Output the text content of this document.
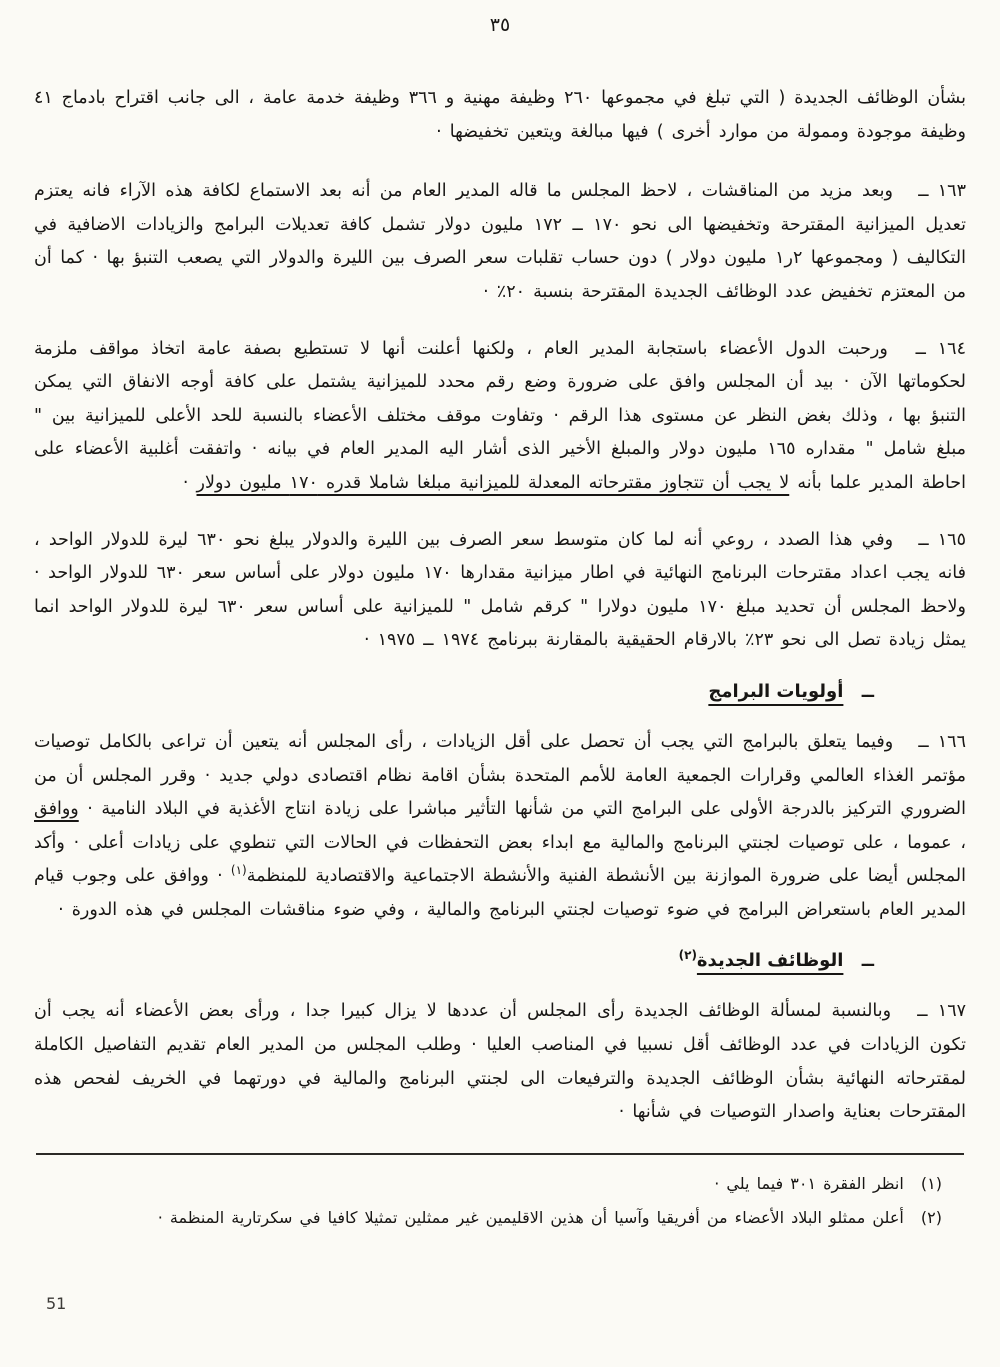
٣٥

بشأن الوظائف الجديدة ( التي تبلغ في مجموعها ٢٦٠ وظيفة مهنية و ٣٦٦ وظيفة خدمة عامة ، الى جانب اقتراح بادماج ٤١ وظيفة موجودة وممولة من موارد أخرى ) فيها مبالغة ويتعين تخفيضها ·

١٦٣ ــ وبعد مزيد من المناقشات ، لاحظ المجلس ما قاله المدير العام من أنه بعد الاستماع لكافة هذه الآراء فانه يعتزم تعديل الميزانية المقترحة وتخفيضها الى نحو ١٧٠ ــ ١٧٢ مليون دولار تشمل كافة تعديلات البرامج والزيادات الاضافية في التكاليف ( ومجموعها ٢ر١ مليون دولار ) دون حساب تقلبات سعر الصرف بين الليرة والدولار التي يصعب التنبؤ بها · كما أن من المعتزم تخفيض عدد الوظائف الجديدة المقترحة بنسبة ٢٠٪ ·

١٦٤ ــ ورحبت الدول الأعضاء باستجابة المدير العام ، ولكنها أعلنت أنها لا تستطيع بصفة عامة اتخاذ مواقف ملزمة لحكوماتها الآن · بيد أن المجلس وافق على ضرورة وضع رقم محدد للميزانية يشتمل على كافة أوجه الانفاق التي يمكن التنبؤ بها ، وذلك بغض النظر عن مستوى هذا الرقم · وتفاوت موقف مختلف الأعضاء بالنسبة للحد الأعلى للميزانية بين " مبلغ شامل " مقداره ١٦٥ مليون دولار والمبلغ الأخير الذى أشار اليه المدير العام في بيانه · واتفقت أغلبية الأعضاء على احاطة المدير علما بأنه لا يجب أن تتجاوز مقترحاته المعدلة للميزانية مبلغا شاملا قدره ١٧٠ مليون دولار ·

١٦٥ ــ وفي هذا الصدد ، روعي أنه لما كان متوسط سعر الصرف بين الليرة والدولار يبلغ نحو ٦٣٠ ليرة للدولار الواحد ، فانه يجب اعداد مقترحات البرنامج النهائية في اطار ميزانية مقدارها ١٧٠ مليون دولار على أساس سعر ٦٣٠ للدولار الواحد · ولاحظ المجلس أن تحديد مبلغ ١٧٠ مليون دولارا " كرقم شامل " للميزانية على أساس سعر ٦٣٠ ليرة للدولار الواحد انما يمثل زيادة تصل الى نحو ٢٣٪ بالارقام الحقيقية بالمقارنة ببرنامج ١٩٧٤ ــ ١٩٧٥ ·

ــ أولويات البرامج

١٦٦ ــ وفيما يتعلق بالبرامج التي يجب أن تحصل على أقل الزيادات ، رأى المجلس أنه يتعين أن تراعى بالكامل توصيات مؤتمر الغذاء العالمي وقرارات الجمعية العامة للأمم المتحدة بشأن اقامة نظام اقتصادى دولي جديد · وقرر المجلس أن من الضروري التركيز بالدرجة الأولى على البرامج التي من شأنها التأثير مباشرا على زيادة انتاج الأغذية في البلاد النامية · ووافق ، عموما ، على توصيات لجنتي البرنامج والمالية مع ابداء بعض التحفظات في الحالات التي تنطوي على زيادات أعلى · وأكد المجلس أيضا على ضرورة الموازنة بين الأنشطة الفنية والأنشطة الاجتماعية والاقتصادية للمنظمة$^{(١)}$ · ووافق على وجوب قيام المدير العام باستعراض البرامج في ضوء توصيات لجنتي البرنامج والمالية ، وفي ضوء مناقشات المجلس في هذه الدورة ·

ــ الوظائف الجديدة$^{(٢)}$

١٦٧ ــ وبالنسبة لمسألة الوظائف الجديدة رأى المجلس أن عددها لا يزال كبيرا جدا ، ورأى بعض الأعضاء أنه يجب أن تكون الزيادات في عدد الوظائف أقل نسبيا في المناصب العليا · وطلب المجلس من المدير العام تقديم التفاصيل الكاملة لمقترحاته النهائية بشأن الوظائف الجديدة والترفيعات الى لجنتي البرنامج والمالية في دورتهما في الخريف لفحص هذه المقترحات بعناية واصدار التوصيات في شأنها ·

(١) انظر الفقرة ٣٠١ فيما يلي ·

(٢) أعلن ممثلو البلاد الأعضاء من أفريقيا وآسيا أن هذين الاقليمين غير ممثلين تمثيلا كافيا في سكرتارية المنظمة ·

51
